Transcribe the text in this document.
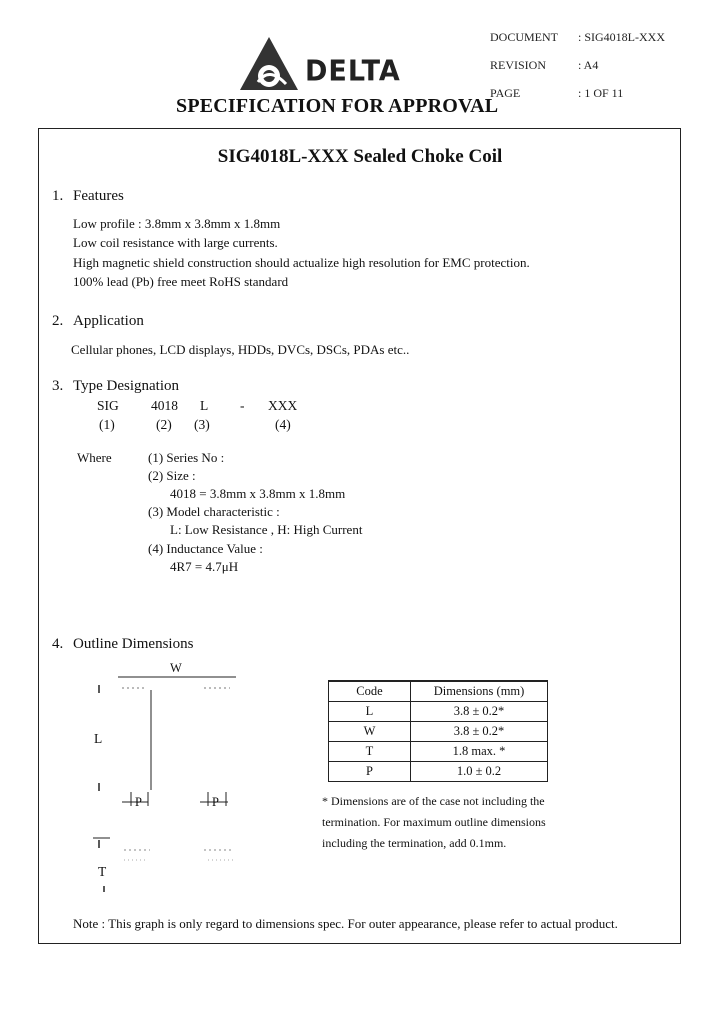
DOCUMENT : SIG4018L-XXX
REVISION	: A4
PAGE	: 1 OF 11
DELTA
SPECIFICATION FOR APPROVAL
SIG4018L-XXX Sealed Choke Coil
1. Features
Low profile : 3.8mm x 3.8mm x 1.8mm
Low coil resistance with large currents.
High magnetic shield construction should actualize high resolution for EMC protection.
100% lead (Pb) free meet RoHS standard
2. Application
Cellular phones, LCD displays, HDDs, DVCs, DSCs, PDAs etc..
3. Type Designation
SIG 4018 L - XXX
(1)	(2) (3)	(4)
Where	(1) Series No :
(2) Size :
4018 = 3.8mm x 3.8mm x 1.8mm
(3) Model characteristic :
L: Low Resistance , H: High Current
(4) Inductance Value :
4R7 = 4.7μH
4. Outline Dimensions
W
L
P	P
T
Code	Dimensions (mm)
L	3.8 ± 0.2*
W	3.8 ± 0.2*
T	1.8 max. *
P	1.0 ± 0.2
* Dimensions are of the case not including the
termination. For maximum outline dimensions
including the termination, add 0.1mm.
Note : This graph is only regard to dimensions spec. For outer appearance, please refer to actual product.
